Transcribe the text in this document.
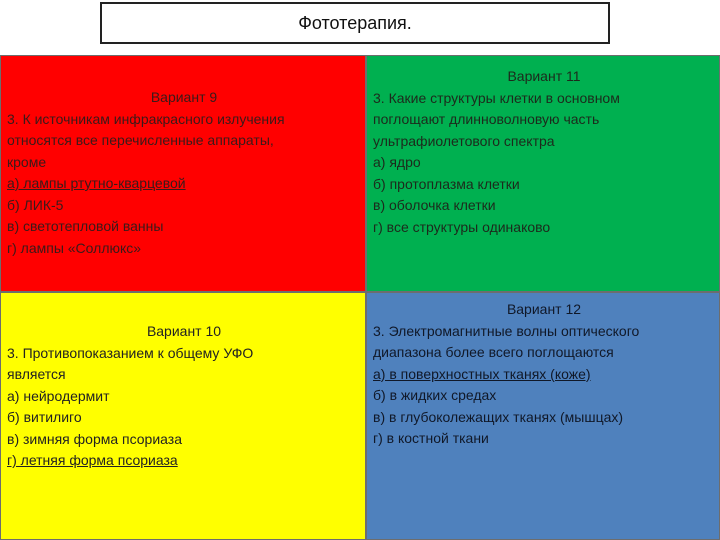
Фототерапия.
Вариант 9
3. К источникам инфракрасного излучения
относятся все перечисленные аппараты,
кроме
а) лампы ртутно-кварцевой
б) ЛИК-5
в) светотепловой ванны
г) лампы «Соллюкс»
Вариант 11
3. Какие структуры клетки в основном
поглощают длинноволновую часть
ультрафиолетового спектра
а) ядро
б) протоплазма клетки
в) оболочка клетки
г) все структуры одинаково
Вариант 10
3. Противопоказанием к общему УФО
является
а) нейродермит
б) витилиго
в) зимняя форма псориаза
г) летняя форма псориаза
Вариант 12
3. Электромагнитные волны оптического
диапазона более всего поглощаются
а) в поверхностных тканях (коже)
б) в жидких средах
в) в глубоколежащих тканях (мышцах)
г) в костной ткани
